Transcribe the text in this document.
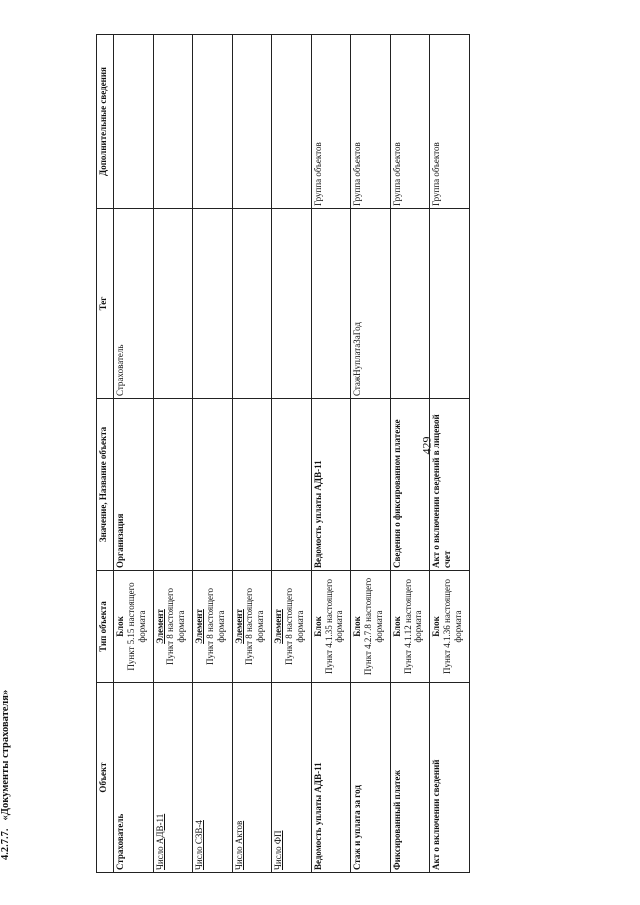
429
4.2.7.7.«Документы страхователя»	Объект	Тип объекта	Значение, Название объекта	Тег	Дополнительные сведения
Страхователь	Блок Пункт 5.15 настоящего формата	Организация	Страхователь	
Число АДВ-11	Элемент Пункт 8 настоящего формата			

Число СЗВ-4	Элемент Пункт 8 настоящего формата			

Число Актов	Элемент Пункт 8 настоящего формата			

Число ФП	Элемент Пункт 8 настоящего формата			

Ведомость уплаты АДВ-11	Блок Пункт 4.1.35 настоящего формата	Ведомость уплаты АДВ-11		Группа объектов
Стаж и уплата за год	Блок Пункт 4.2.7.8 настоящего формата		СтажНуплатаЗаГод	Группа объектов
Фиксированный платеж	Блок Пункт 4.1.12 настоящего формата	Сведения о фиксированном платеже		Группа объектов
Акт о включении сведений	Блок Пункт 4.1.36 настоящего формата	Акт о включении сведений в лицевой счет		Группа объектов
